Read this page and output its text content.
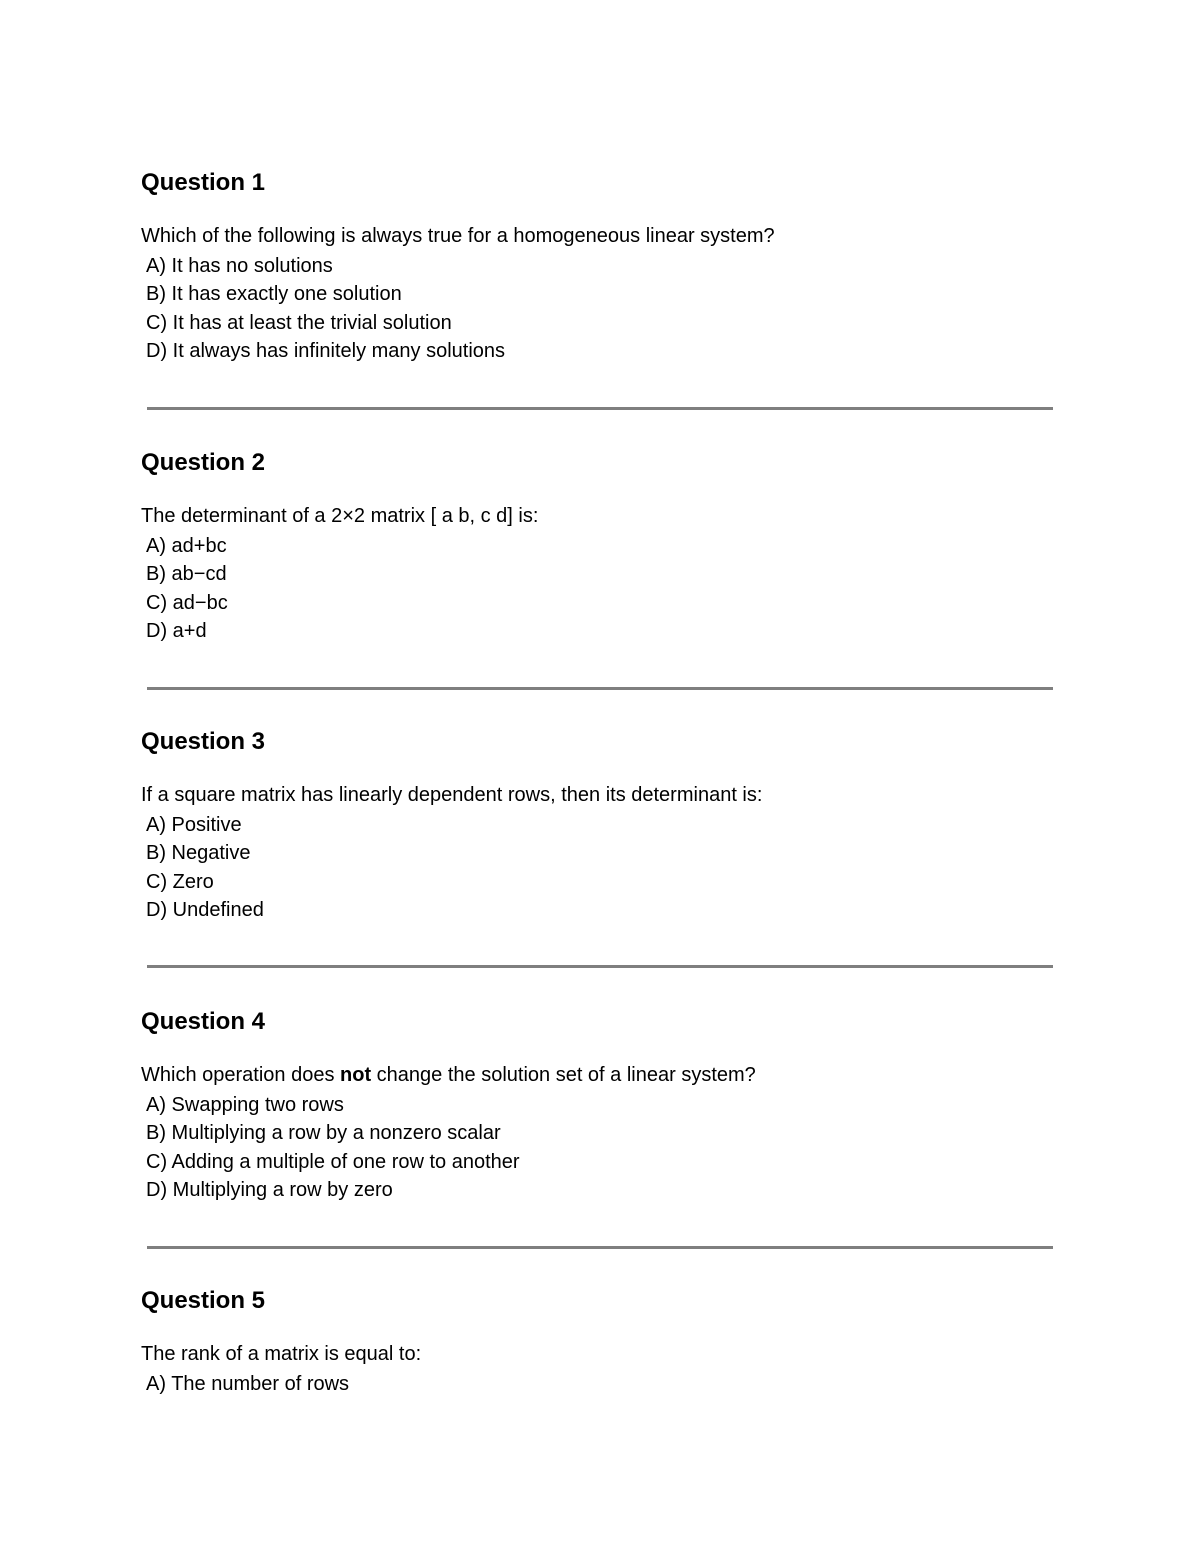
Question 1

Which of the following is always true for a homogeneous linear system?

A) It has no solutions
B) It has exactly one solution
C) It has at least the trivial solution
D) It always has infinitely many solutions
Question 2

The determinant of a 2×2 matrix [ a b, c d] is:

A) ad+bc
B) ab−cd
C) ad−bc
D) a+d
Question 3

If a square matrix has linearly dependent rows, then its determinant is:

A) Positive
B) Negative
C) Zero
D) Undefined
Question 4

Which operation does not change the solution set of a linear system?

A) Swapping two rows
B) Multiplying a row by a nonzero scalar
C) Adding a multiple of one row to another
D) Multiplying a row by zero
Question 5

The rank of a matrix is equal to:

A) The number of rows
